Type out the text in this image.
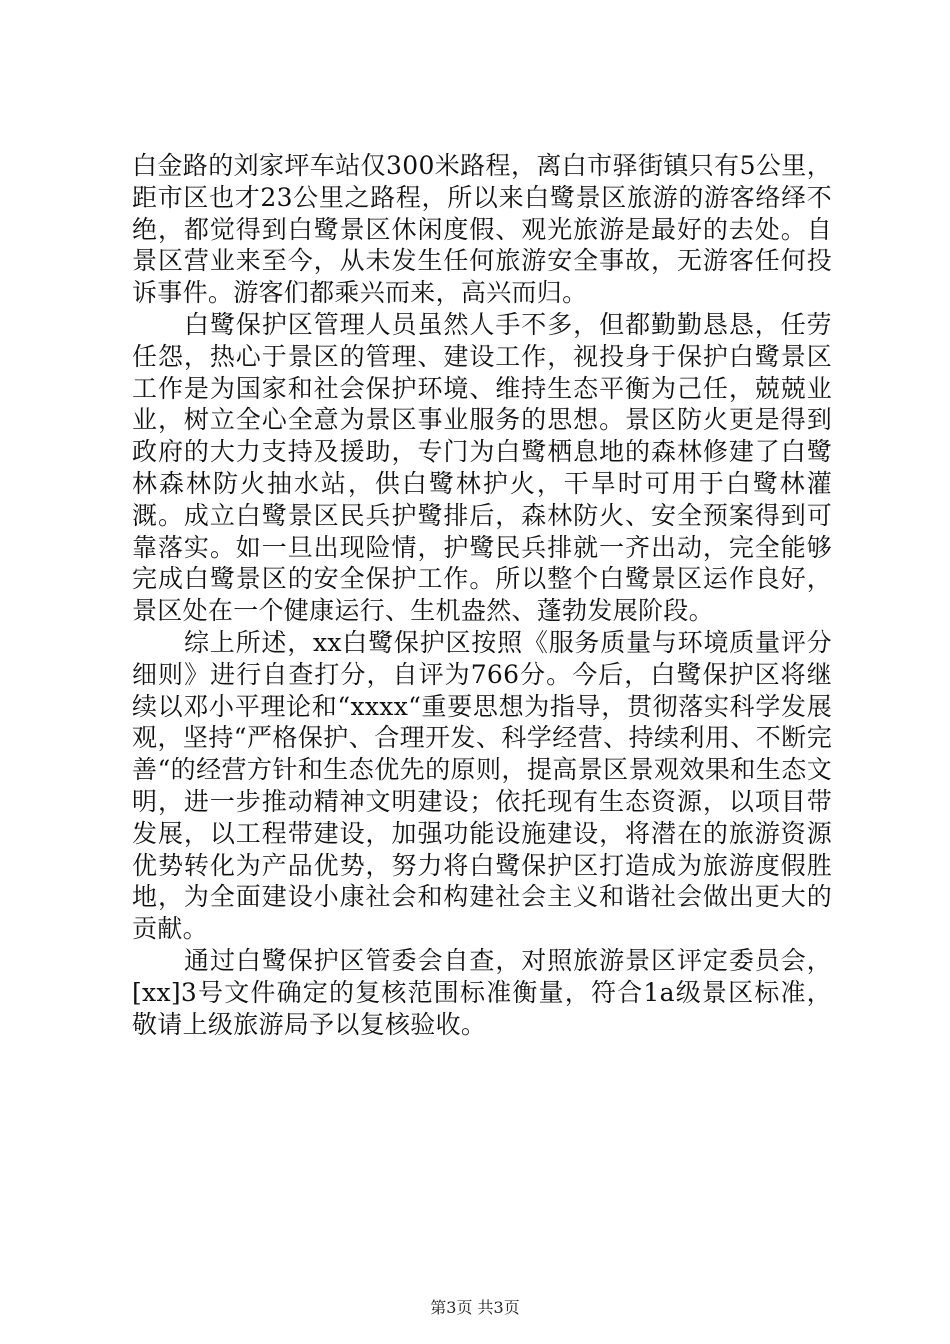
白金路的刘家坪车站仅300米路程，离白市驿街镇只有5公里，距市区也才23公里之路程，所以来白鹭景区旅游的游客络绎不绝，都觉得到白鹭景区休闲度假、观光旅游是最好的去处。自景区营业来至今，从未发生任何旅游安全事故，无游客任何投诉事件。游客们都乘兴而来，高兴而归。

白鹭保护区管理人员虽然人手不多，但都勤勤恳恳，任劳任怨，热心于景区的管理、建设工作，视投身于保护白鹭景区工作是为国家和社会保护环境、维持生态平衡为己任，兢兢业业，树立全心全意为景区事业服务的思想。景区防火更是得到政府的大力支持及援助，专门为白鹭栖息地的森林修建了白鹭林森林防火抽水站，供白鹭林护火，干旱时可用于白鹭林灌溉。成立白鹭景区民兵护鹭排后，森林防火、安全预案得到可靠落实。如一旦出现险情，护鹭民兵排就一齐出动，完全能够完成白鹭景区的安全保护工作。所以整个白鹭景区运作良好，景区处在一个健康运行、生机盎然、蓬勃发展阶段。

综上所述，xx白鹭保护区按照《服务质量与环境质量评分细则》进行自查打分，自评为766分。今后，白鹭保护区将继续以邓小平理论和“xxxx“重要思想为指导，贯彻落实科学发展观，坚持“严格保护、合理开发、科学经营、持续利用、不断完善“的经营方针和生态优先的原则，提高景区景观效果和生态文明，进一步推动精神文明建设；依托现有生态资源，以项目带发展，以工程带建设，加强功能设施建设，将潜在的旅游资源优势转化为产品优势，努力将白鹭保护区打造成为旅游度假胜地，为全面建设小康社会和构建社会主义和谐社会做出更大的贡献。

通过白鹭保护区管委会自查，对照旅游景区评定委员会，[xx]3号文件确定的复核范围标准衡量，符合1a级景区标准，敬请上级旅游局予以复核验收。

第3页 共3页
